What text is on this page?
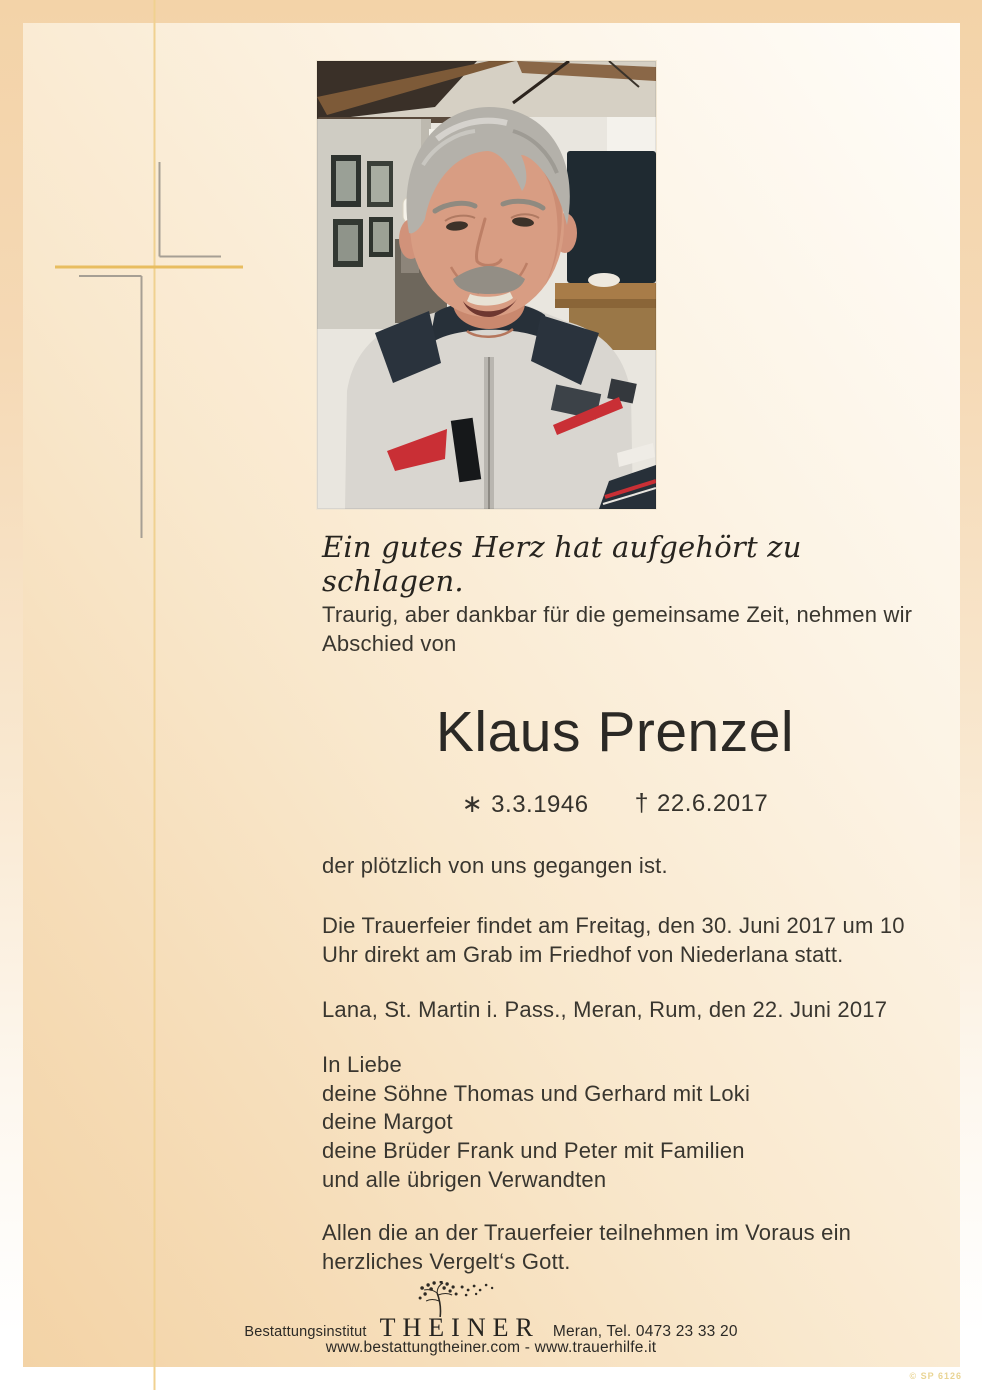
Ein gutes Herz hat aufgehört zu schlagen.
Traurig, aber dankbar für die gemeinsame Zeit, nehmen wir
Abschied von
Klaus Prenzel
∗ 3.3.1946 † 22.6.2017
der plötzlich von uns gegangen ist.
Die Trauerfeier findet am Freitag, den 30. Juni 2017 um 10
Uhr direkt am Grab im Friedhof von Niederlana statt.
Lana, St. Martin i. Pass., Meran, Rum, den 22. Juni 2017
In Liebe
deine Söhne Thomas und Gerhard mit Loki
deine Margot
deine Brüder Frank und Peter mit Familien
und alle übrigen Verwandten
Allen die an der Trauerfeier teilnehmen im Voraus ein
herzliches Vergelt‘s Gott.
Bestattungsinstitut THEINER Meran, Tel. 0473 23 33 20
www.bestattungtheiner.com - www.trauerhilfe.it
© SP 6126
